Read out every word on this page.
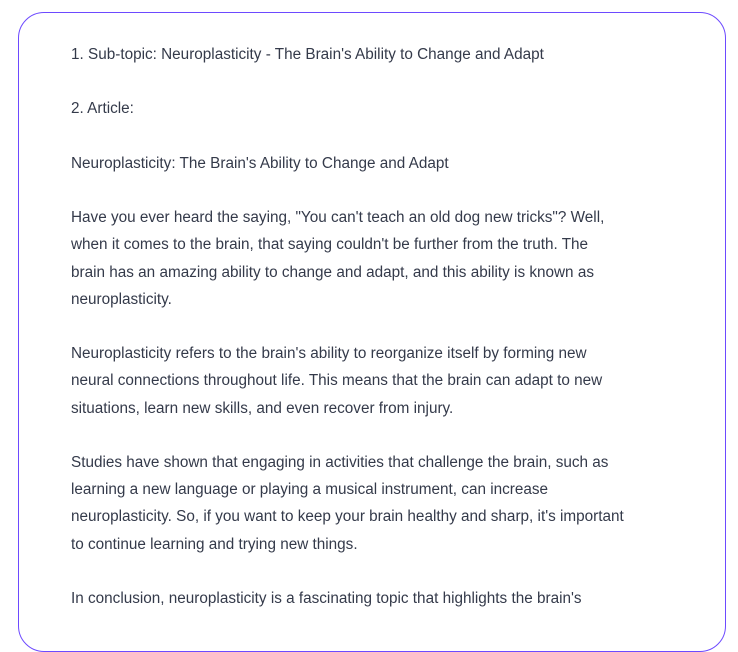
1. Sub-topic: Neuroplasticity - The Brain's Ability to Change and Adapt

2. Article:

Neuroplasticity: The Brain's Ability to Change and Adapt

Have you ever heard the saying, "You can't teach an old dog new tricks"? Well,
when it comes to the brain, that saying couldn't be further from the truth. The
brain has an amazing ability to change and adapt, and this ability is known as
neuroplasticity.

Neuroplasticity refers to the brain's ability to reorganize itself by forming new
neural connections throughout life. This means that the brain can adapt to new
situations, learn new skills, and even recover from injury.

Studies have shown that engaging in activities that challenge the brain, such as
learning a new language or playing a musical instrument, can increase
neuroplasticity. So, if you want to keep your brain healthy and sharp, it's important
to continue learning and trying new things.

In conclusion, neuroplasticity is a fascinating topic that highlights the brain's
